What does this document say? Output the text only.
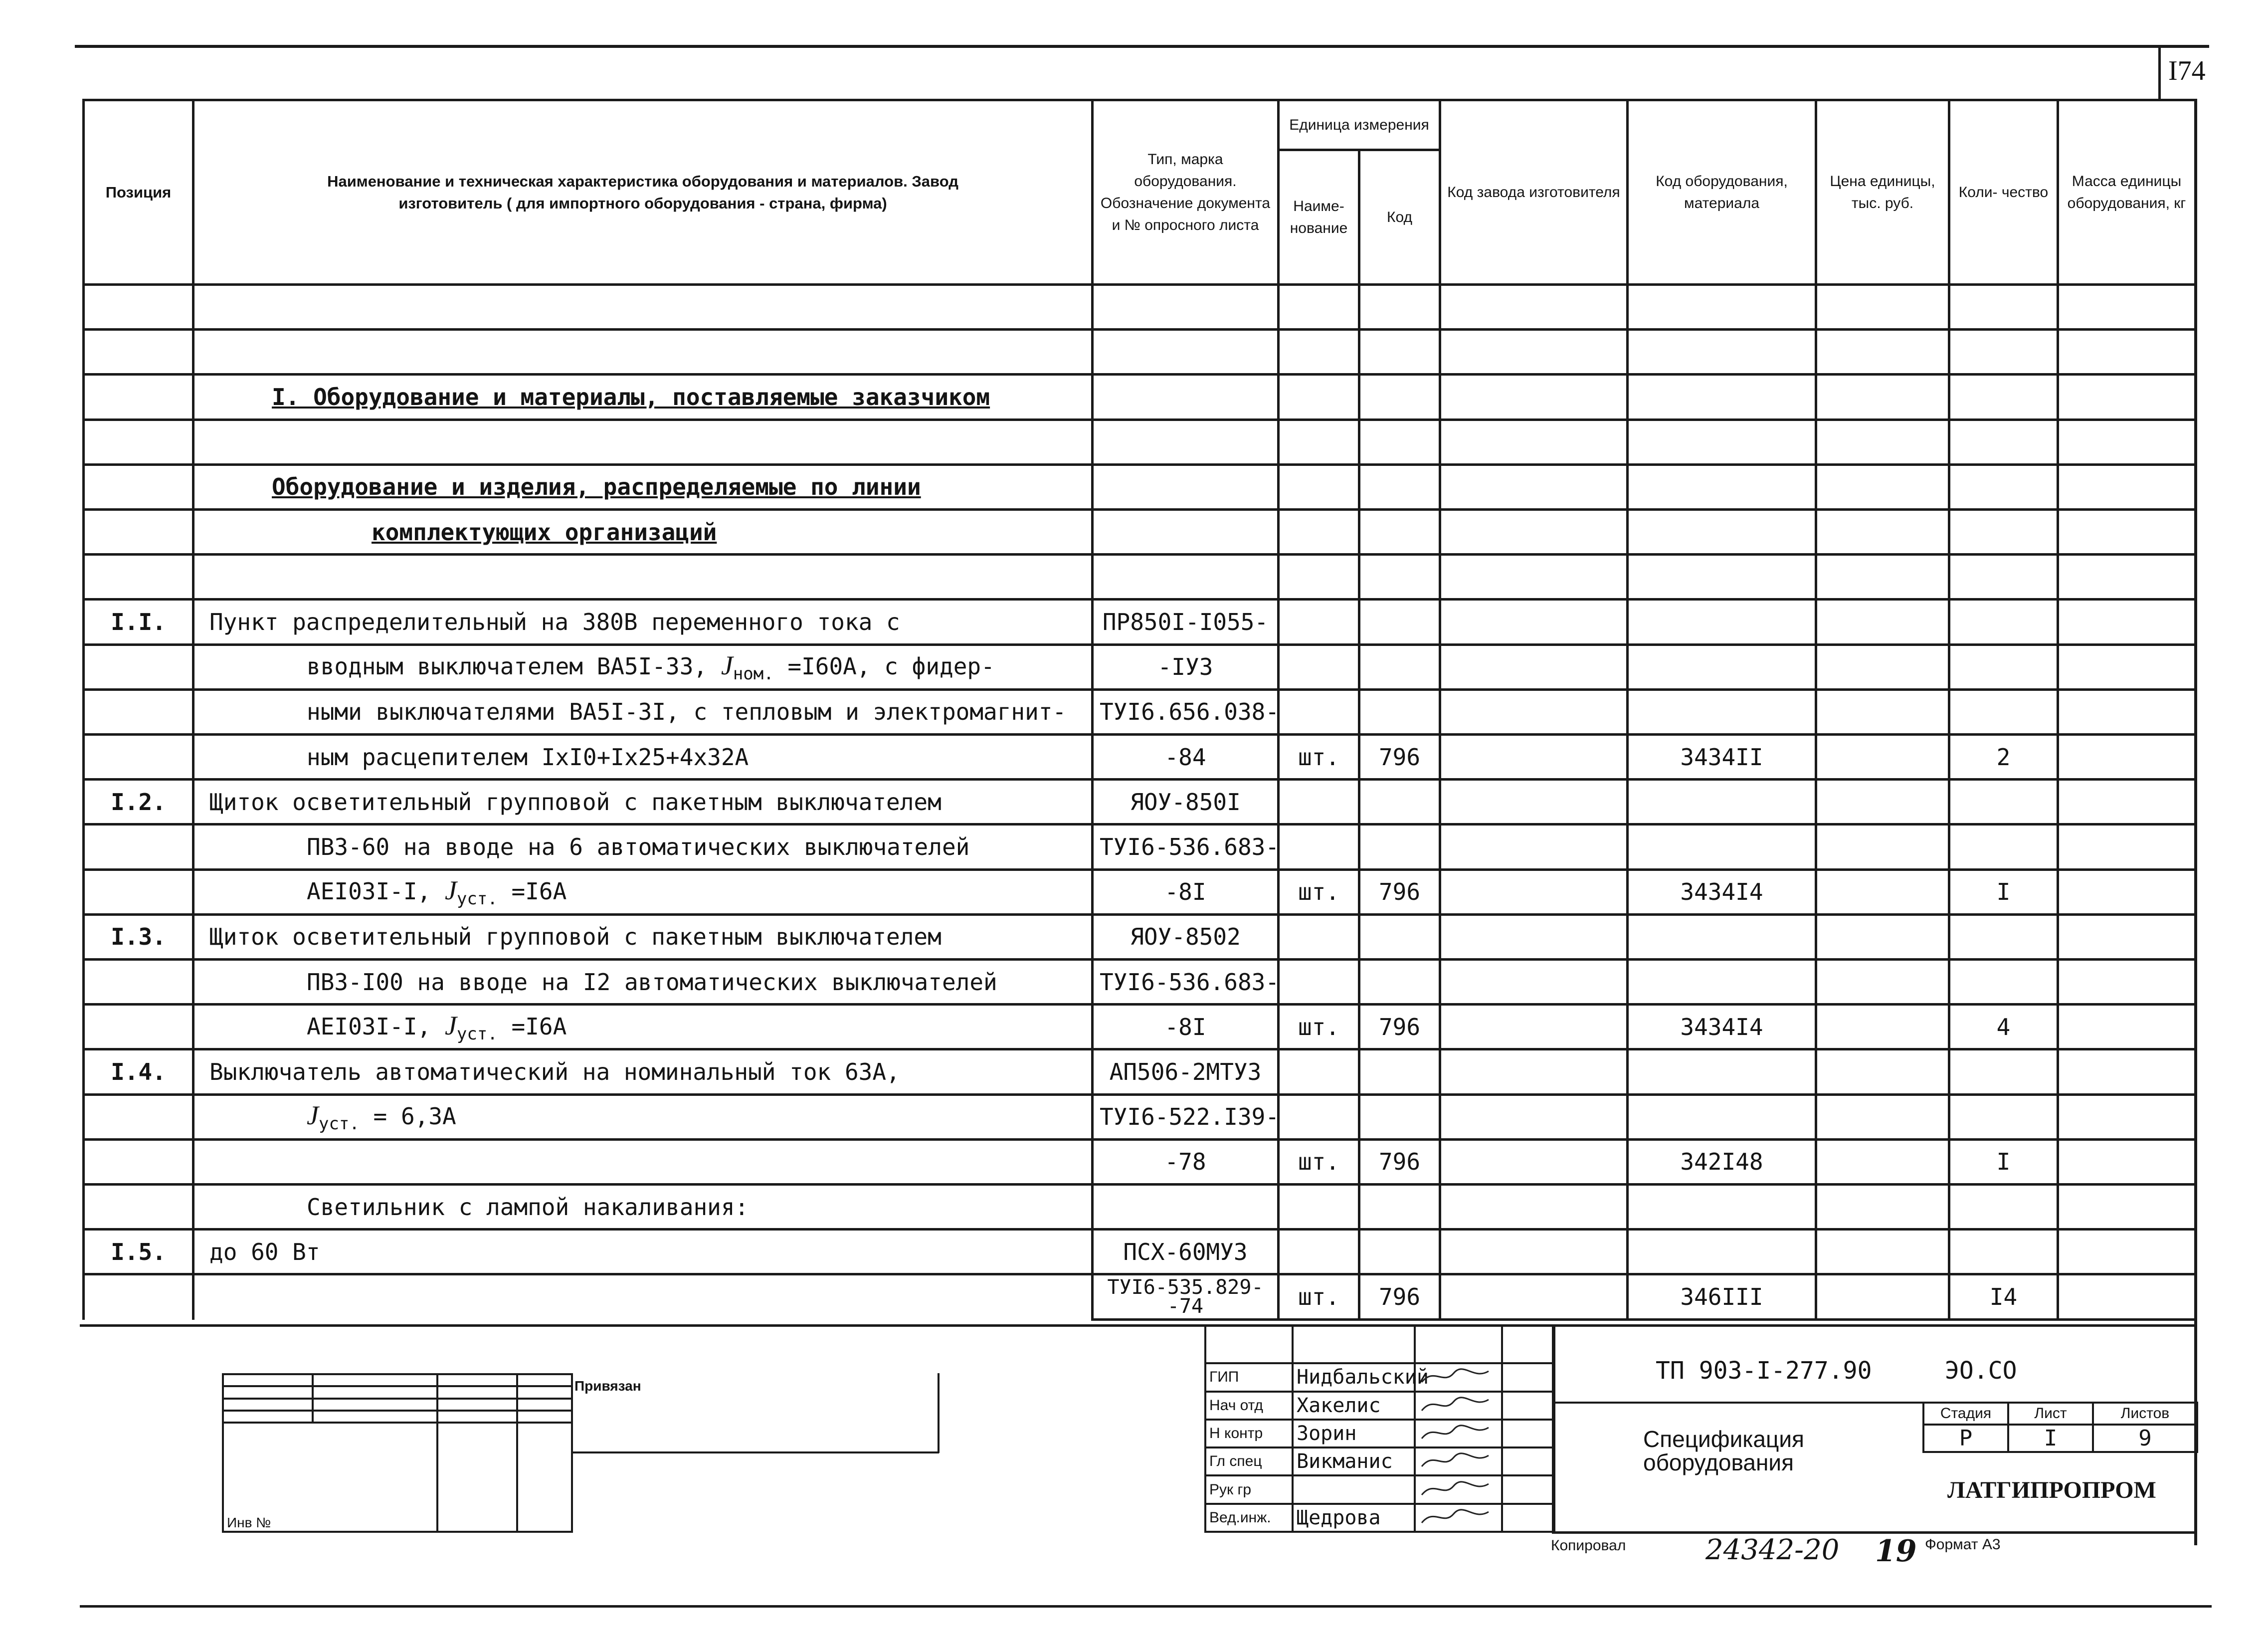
I74
Позиция	Наименование и техническая характеристика оборудования и материалов. Завод изготовитель ( для импортного оборудования - страна, фирма)	Тип, марка оборудования. Обозначение документа и № опросного листа	Единица измерения		Код завода изготовителя	Код оборудования, материала	Цена единицы, тыс. руб.	Коли- чество	Масса единицы оборудования, кг
			Наиме- нование	Код					

	I. Оборудование и материалы, поставляемые заказчиком								

	Оборудование и изделия, распределяемые по линии								
	комплектующих организаций								

I.I.	Пункт распределительный на 380В переменного тока с	ПР850I-I055-							
	вводным выключателем ВА5I-33, $J_{ном.} =I60А$, с фидер-	-IУЗ							
	ными выключателями ВА5I-3I, с тепловым и электромагнит-	ТУI6.656.038-							
	ным расцепителем IxI0+Ix25+4x32А	-84	шт.	796		3434II		2	
I.2.	Щиток осветительный групповой с пакетным выключателем	ЯОУ-850I							
	ПВЗ-60 на вводе на 6 автоматических выключателей	ТУI6-536.683-							
	АЕI03I-I, $J_{уст.} =I6А$	-8I	шт.	796		3434I4		I	
I.3.	Щиток осветительный групповой с пакетным выключателем	ЯОУ-8502							
	ПВЗ-I00 на вводе на I2 автоматических выключателей	ТУI6-536.683-							
	АЕI03I-I, $J_{уст.} =I6А$	-8I	шт.	796		3434I4		4	
I.4.	Выключатель автоматический на номинальный ток 63А,	АП506-2МТУЗ							
	$J_{уст.} = 6,3А$	ТУI6-522.I39-							
		-78	шт.	796		342I48		I	
	Светильник с лампой накаливания:								
I.5.	до 60 Вт	ПСХ-60МУЗ							
		ТУI6-535.829- -74	шт.	796		346III		I4	

Инв №			
Привязан

ГИП	Нидбальский		
Нач отд	Хакелис		
Н контр	Зорин		
Гл спец	Викманис		
Рук гр			
Вед.инж.	Щедрова		

ТП 903-I-277.90	ЭО.СО
Спецификация
оборудования
Стадия	Лист	Листов
Р	I	9
ЛАТГИПРОПРОМ
Копировал	24342-20 19 Формат А3
